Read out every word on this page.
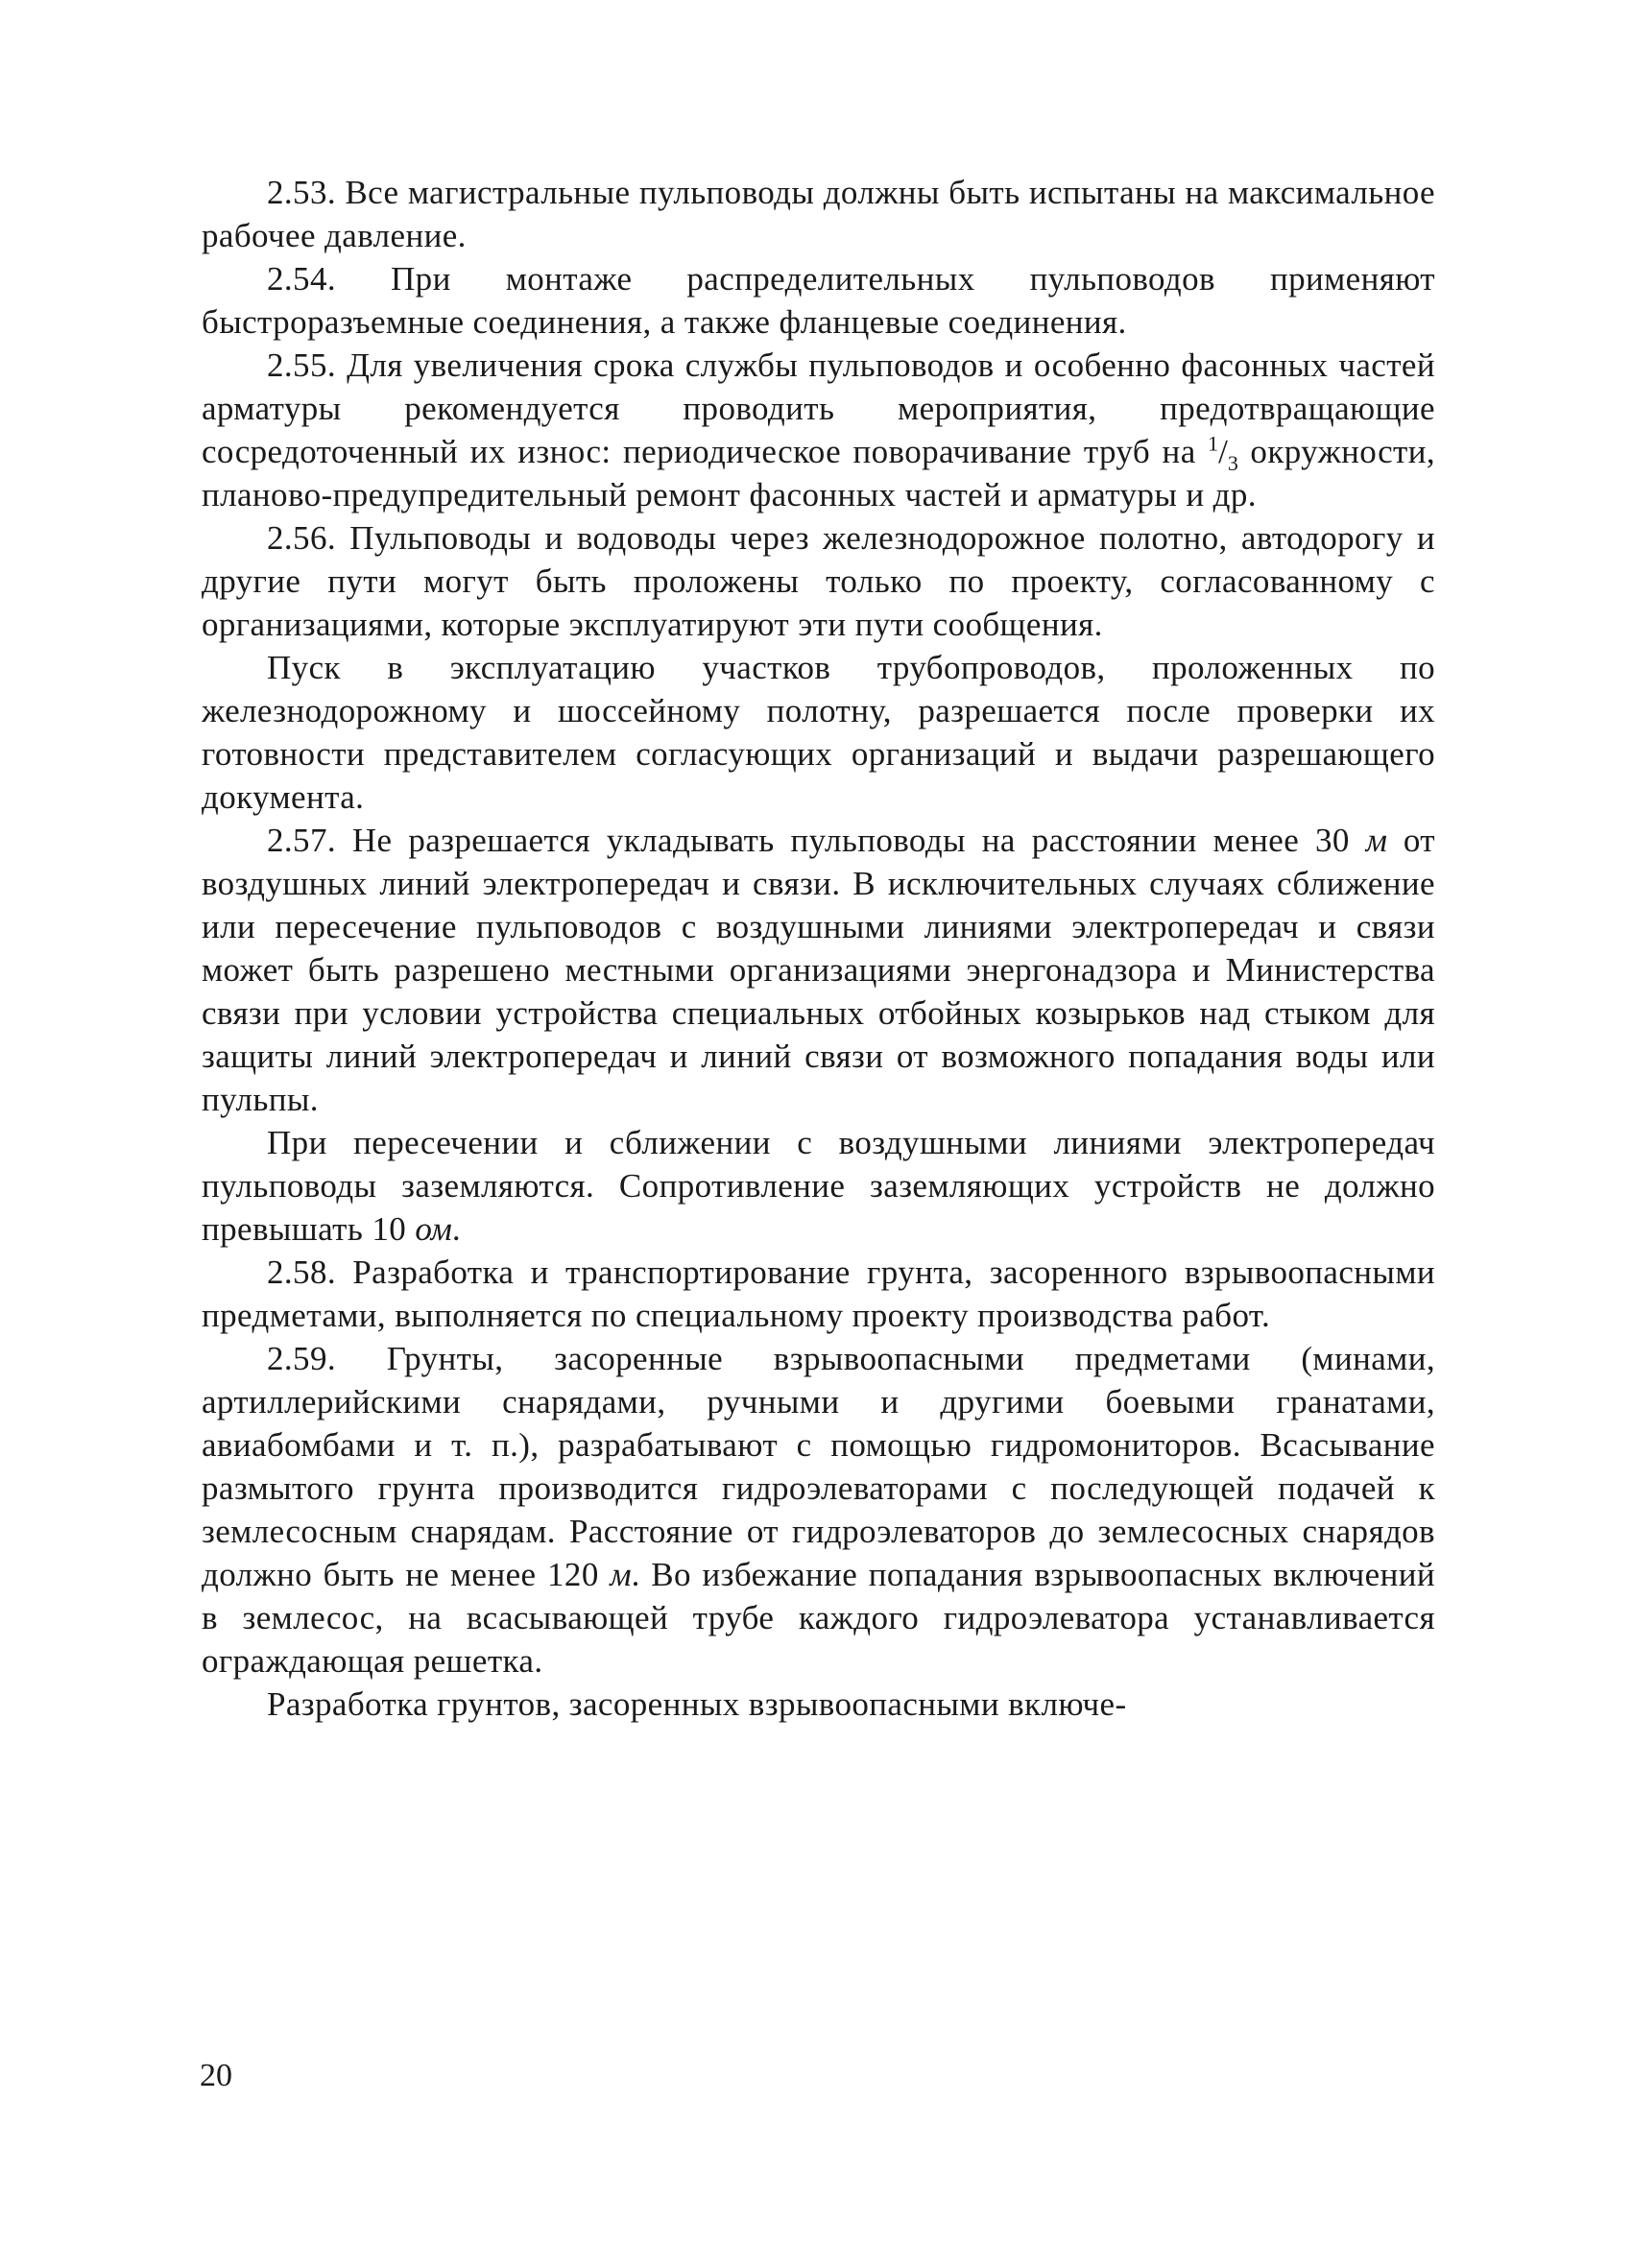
2.53. Все магистральные пульповоды должны быть испытаны на максимальное рабочее давление.

2.54. При монтаже распределительных пульповодов применяют быстроразъемные соединения, а также фланцевые соединения.

2.55. Для увеличения срока службы пульповодов и особенно фасонных частей арматуры рекомендуется проводить мероприятия, предотвращающие сосредоточенный их износ: периодическое поворачивание труб на $^1/_3$ окружности, планово-предупредительный ремонт фасонных частей и арматуры и др.

2.56. Пульповоды и водоводы через железнодорожное полотно, автодорогу и другие пути могут быть проложены только по проекту, согласованному с организациями, которые эксплуатируют эти пути сообщения.

Пуск в эксплуатацию участков трубопроводов, проложенных по железнодорожному и шоссейному полотну, разрешается после проверки их готовности представителем согласующих организаций и выдачи разрешающего документа.

2.57. Не разрешается укладывать пульповоды на расстоянии менее 30 м от воздушных линий электропередач и связи. В исключительных случаях сближение или пересечение пульповодов с воздушными линиями электропередач и связи может быть разрешено местными организациями энергонадзора и Министерства связи при условии устройства специальных отбойных козырьков над стыком для защиты линий электропередач и линий связи от возможного попадания воды или пульпы.

При пересечении и сближении с воздушными линиями электропередач пульповоды заземляются. Сопротивление заземляющих устройств не должно превышать 10 ом.

2.58. Разработка и транспортирование грунта, засоренного взрывоопасными предметами, выполняется по специальному проекту производства работ.

2.59. Грунты, засоренные взрывоопасными предметами (минами, артиллерийскими снарядами, ручными и другими боевыми гранатами, авиабомбами и т. п.), разрабатывают с помощью гидромониторов. Всасывание размытого грунта производится гидроэлеваторами с последующей подачей к землесосным снарядам. Расстояние от гидроэлеваторов до землесосных снарядов должно быть не менее 120 м. Во избежание попадания взрывоопасных включений в землесос, на всасывающей трубе каждого гидроэлеватора устанавливается ограждающая решетка.

Разработка грунтов, засоренных взрывоопасными включе-

20
